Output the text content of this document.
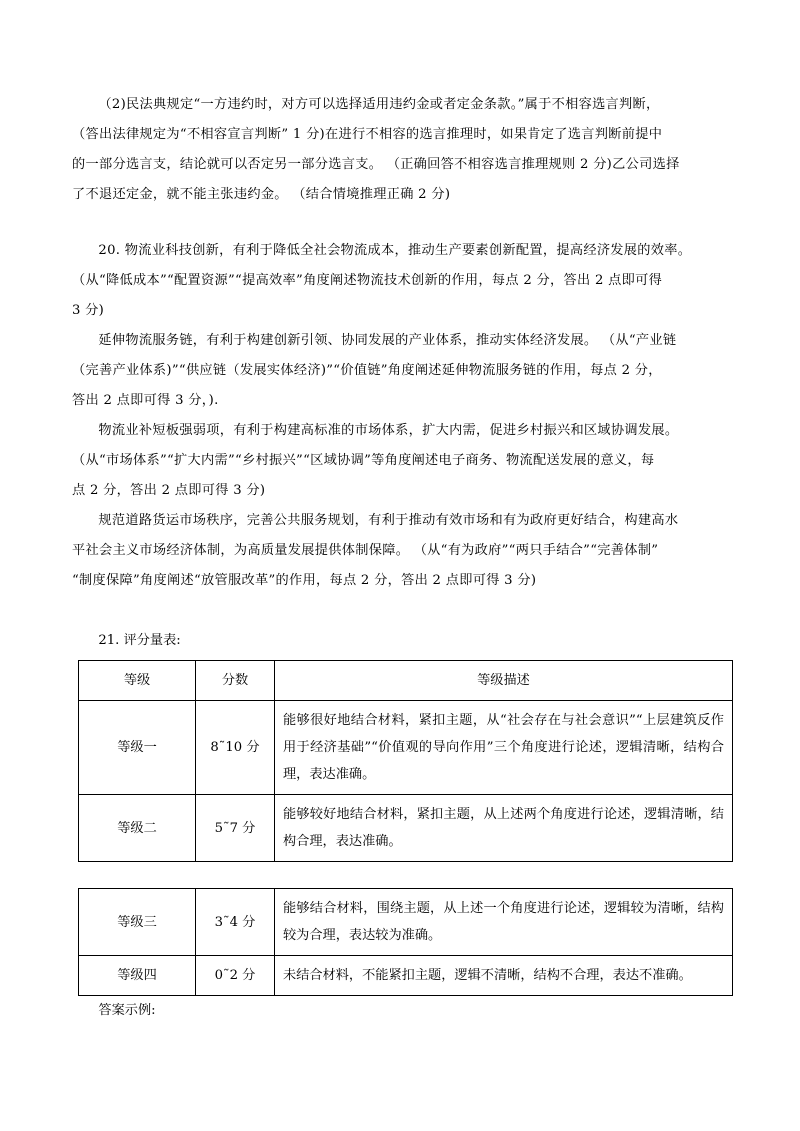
（2)民法典规定“一方违约时，对方可以选择适用违约金或者定金条款。”属于不相容选言判断，

（答出法律规定为“不相容宣言判断” 1 分)在进行不相容的选言推理时，如果肯定了选言判断前提中

的一部分选言支，结论就可以否定另一部分选言支。 （正确回答不相容选言推理规则 2 分)乙公司选择

了不退还定金，就不能主张违约金。 （结合情境推理正确 2 分)

20. 物流业科技创新，有利于降低全社会物流成本，推动生产要素创新配置，提高经济发展的效率。

（从“降低成本”“配置资源”“提高效率”角度阐述物流技术创新的作用，每点 2 分，答出 2 点即可得

3 分)

延伸物流服务链，有利于构建创新引领、协同发展的产业体系，推动实体经济发展。 （从“产业链

（完善产业体系)”“供应链（发展实体经济)”“价值链”角度阐述延伸物流服务链的作用，每点 2 分，

答出 2 点即可得 3 分，).

物流业补短板强弱项，有利于构建高标准的市场体系，扩大内需，促进乡村振兴和区域协调发展。

（从“市场体系”“扩大内需”“乡村振兴”“区域协调”等角度阐述电子商务、物流配送发展的意义，每

点 2 分，答出 2 点即可得 3 分)

规范道路货运市场秩序，完善公共服务规划，有利于推动有效市场和有为政府更好结合，构建高水

平社会主义市场经济体制，为高质量发展提供体制保障。 （从“有为政府”“两只手结合”“完善体制”

“制度保障”角度阐述“放管服改革”的作用，每点 2 分，答出 2 点即可得 3 分)

21. 评分量表:

等级	分数	等级描述
等级一	8˜10 分	能够很好地结合材料，紧扣主题，从“社会存在与社会意识”“上层建筑反作用于经济基础”“价值观的导向作用”三个角度进行论述，逻辑清晰，结构合理，表达准确。
等级二	5˜7 分	能够较好地结合材料，紧扣主题，从上述两个角度进行论述，逻辑清晰，结构合理，表达准确。
等级三	3˜4 分	能够结合材料，围绕主题，从上述一个角度进行论述，逻辑较为清晰，结构较为合理，表达较为准确。
等级四	0˜2 分	未结合材料，不能紧扣主题，逻辑不清晰，结构不合理，表达不准确。

答案示例:
